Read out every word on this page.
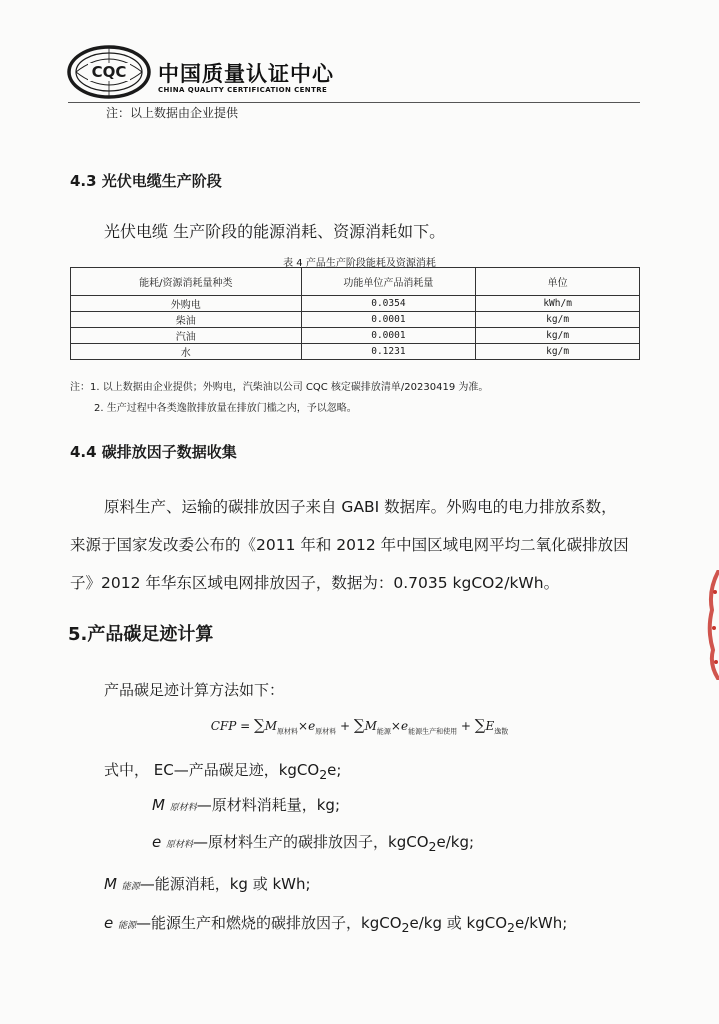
CQC 中国质量认证中心
CHINA QUALITY CERTIFICATION CENTRE
注：以上数据由企业提供
4.3 光伏电缆生产阶段
光伏电缆 生产阶段的能源消耗、资源消耗如下。
表 4 产品生产阶段能耗及资源消耗
能耗/资源消耗量种类	功能单位产品消耗量	单位
外购电	0.0354	kWh/m
柴油	0.0001	kg/m
汽油	0.0001	kg/m
水	0.1231	kg/m
注：1. 以上数据由企业提供；外购电，汽柴油以公司 CQC 核定碳排放清单/20230419 为准。
2. 生产过程中各类逸散排放量在排放门槛之内，予以忽略。
4.4 碳排放因子数据收集
原料生产、运输的碳排放因子来自 GABI 数据库。外购电的电力排放系数，
来源于国家发改委公布的《2011 年和 2012 年中国区域电网平均二氧化碳排放因
子》2012 年华东区域电网排放因子，数据为：0.7035 kgCO2/kWh。
5.产品碳足迹计算
产品碳足迹计算方法如下：
CFP = $\sum M_{原材料}\times e_{原材料} + \sum M_{能源}\times e_{能源生产和使用} + \sum E_{逸散}$
式中， EC—产品碳足迹，kgCO$_2$e;
M 原材料—原材料消耗量，kg;
e 原材料—原材料生产的碳排放因子，kgCO$_2$e/kg;
M 能源—能源消耗，kg 或 kWh;
e 能源—能源生产和燃烧的碳排放因子，kgCO$_2$e/kg 或 kgCO$_2$e/kWh;
